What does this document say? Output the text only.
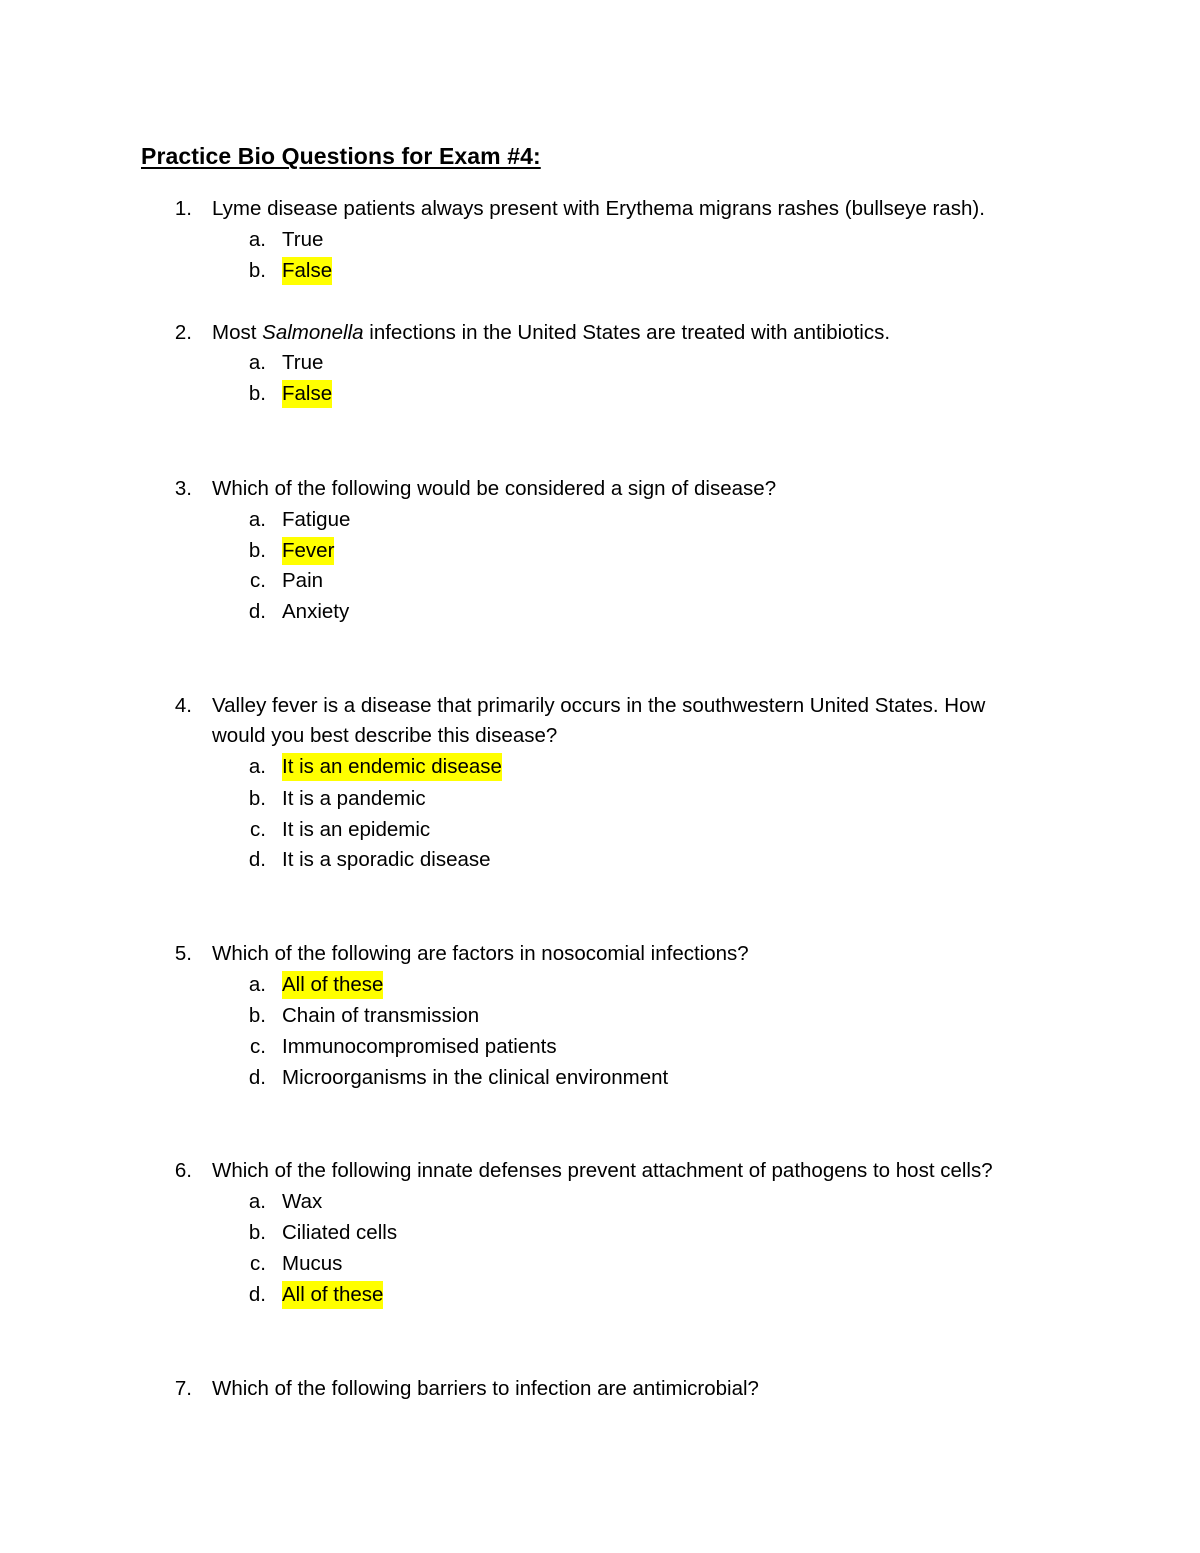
Practice Bio Questions for Exam #4:
1. Lyme disease patients always present with Erythema migrans rashes (bullseye rash).
a. True
b. False
2. Most Salmonella infections in the United States are treated with antibiotics.
a. True
b. False
3. Which of the following would be considered a sign of disease?
a. Fatigue
b. Fever
c. Pain
d. Anxiety
4. Valley fever is a disease that primarily occurs in the southwestern United States. How
would you best describe this disease?
a. It is an endemic disease
b. It is a pandemic
c. It is an epidemic
d. It is a sporadic disease
5. Which of the following are factors in nosocomial infections?
a. All of these
b. Chain of transmission
c. Immunocompromised patients
d. Microorganisms in the clinical environment
6. Which of the following innate defenses prevent attachment of pathogens to host cells?
a. Wax
b. Ciliated cells
c. Mucus
d. All of these
7. Which of the following barriers to infection are antimicrobial?
